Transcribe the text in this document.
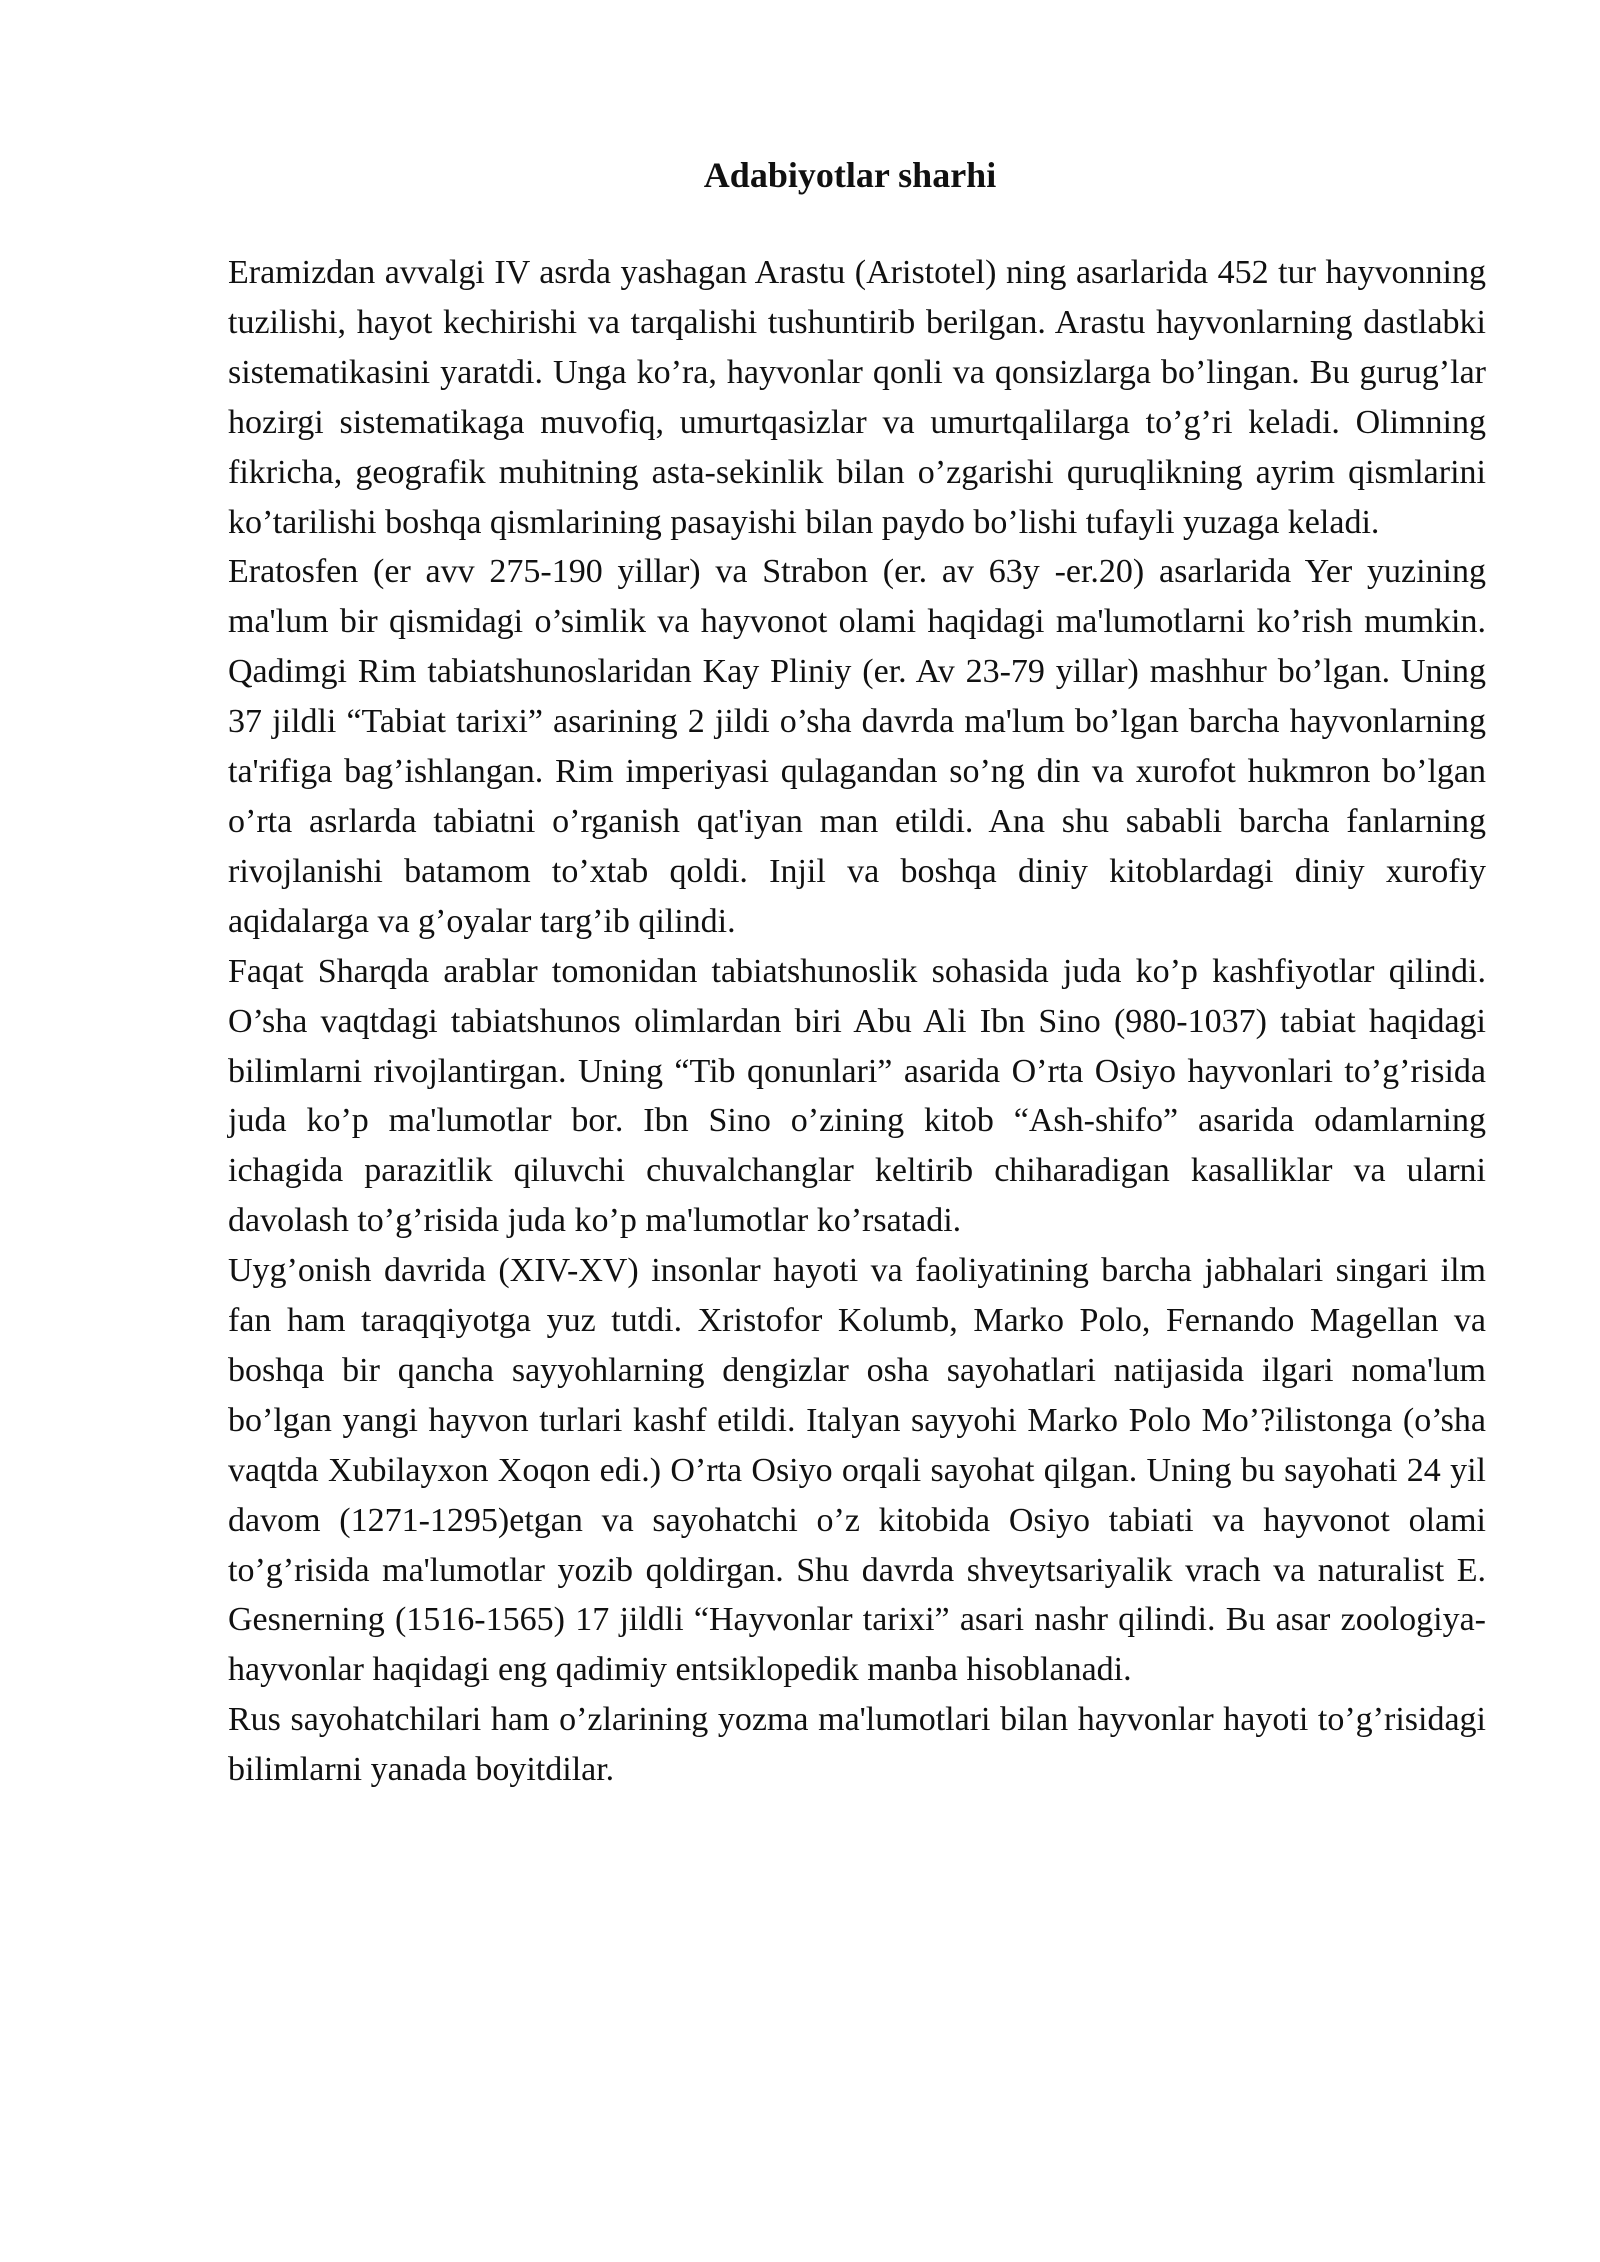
Adabiyotlar sharhi

Eramizdan avvalgi IV asrda yashagan Arastu (Aristotel) ning asarlarida 452 tur hayvonning tuzilishi, hayot kechirishi va tarqalishi tushuntirib berilgan. Arastu hayvonlarning dastlabki sistematikasini yaratdi. Unga ko’ra, hayvonlar qonli va qonsizlarga bo’lingan. Bu gurug’lar hozirgi sistematikaga muvofiq, umurtqasizlar va umurtqalilarga to’g’ri keladi. Olimning fikricha, geografik muhitning asta-sekinlik bilan o’zgarishi quruqlikning ayrim qismlarini ko’tarilishi boshqa qismlarining pasayishi bilan paydo bo’lishi tufayli yuzaga keladi.

Eratosfen (er avv 275-190 yillar) va Strabon (er. av 63y -er.20) asarlarida Yer yuzining ma'lum bir qismidagi o’simlik va hayvonot olami haqidagi ma'lumotlarni ko’rish mumkin. Qadimgi Rim tabiatshunoslaridan Kay Pliniy (er. Av 23-79 yillar) mashhur bo’lgan. Uning 37 jildli “Tabiat tarixi” asarining 2 jildi o’sha davrda ma'lum bo’lgan barcha hayvonlarning ta'rifiga bag’ishlangan. Rim imperiyasi qulagandan so’ng din va xurofot hukmron bo’lgan o’rta asrlarda tabiatni o’rganish qat'iyan man etildi. Ana shu sababli barcha fanlarning rivojlanishi batamom to’xtab qoldi. Injil va boshqa diniy kitoblardagi diniy xurofiy aqidalarga va g’oyalar targ’ib qilindi.

Faqat Sharqda arablar tomonidan tabiatshunoslik sohasida juda ko’p kashfiyotlar qilindi. O’sha vaqtdagi tabiatshunos olimlardan biri Abu Ali Ibn Sino (980-1037) tabiat haqidagi bilimlarni rivojlantirgan. Uning “Tib qonunlari” asarida O’rta Osiyo hayvonlari to’g’risida juda ko’p ma'lumotlar bor. Ibn Sino o’zining kitob “Ash-shifo” asarida odamlarning ichagida parazitlik qiluvchi chuvalchanglar keltirib chiharadigan kasalliklar va ularni davolash to’g’risida juda ko’p ma'lumotlar ko’rsatadi.

Uyg’onish davrida (XIV-XV) insonlar hayoti va faoliyatining barcha jabhalari singari ilm fan ham taraqqiyotga yuz tutdi. Xristofor Kolumb, Marko Polo, Fernando Magellan va boshqa bir qancha sayyohlarning dengizlar osha sayohatlari natijasida ilgari noma'lum bo’lgan yangi hayvon turlari kashf etildi. Italyan sayyohi Marko Polo Mo’?ilistonga (o’sha vaqtda Xubilayxon Xoqon edi.) O’rta Osiyo orqali sayohat qilgan. Uning bu sayohati 24 yil davom (1271-1295)etgan va sayohatchi o’z kitobida Osiyo tabiati va hayvonot olami to’g’risida ma'lumotlar yozib qoldirgan. Shu davrda shveytsariyalik vrach va naturalist E. Gesnerning (1516-1565) 17 jildli “Hayvonlar tarixi” asari nashr qilindi. Bu asar zoologiya-hayvonlar haqidagi eng qadimiy entsiklopedik manba hisoblanadi.

Rus sayohatchilari ham o’zlarining yozma ma'lumotlari bilan hayvonlar hayoti to’g’risidagi bilimlarni yanada boyitdilar.
